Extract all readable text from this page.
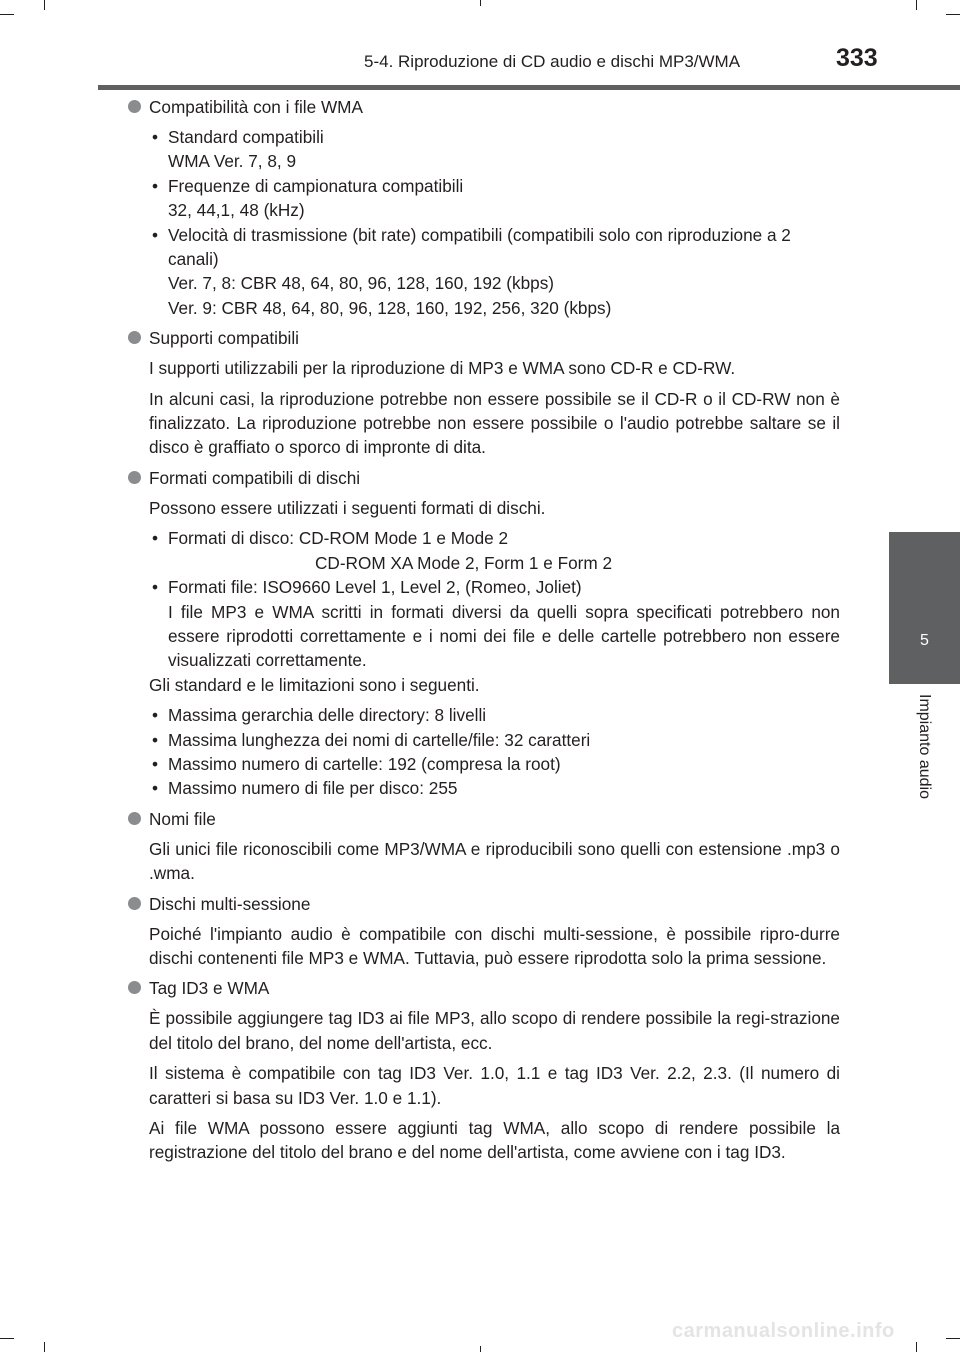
5-4. Riproduzione di CD audio e dischi MP3/WMA	333
5
Impianto audio
Compatibilità con i file WMA
• Standard compatibili
WMA Ver. 7, 8, 9
• Frequenze di campionatura compatibili
32, 44,1, 48 (kHz)
• Velocità di trasmissione (bit rate) compatibili (compatibili solo con riproduzione a 2 canali)
Ver. 7, 8: CBR 48, 64, 80, 96, 128, 160, 192 (kbps)
Ver. 9: CBR 48, 64, 80, 96, 128, 160, 192, 256, 320 (kbps)
Supporti compatibili

I supporti utilizzabili per la riproduzione di MP3 e WMA sono CD-R e CD-RW.

In alcuni casi, la riproduzione potrebbe non essere possibile se il CD-R o il CD-RW non è finalizzato. La riproduzione potrebbe non essere possibile o l'audio potrebbe saltare se il disco è graffiato o sporco di impronte di dita.

Formati compatibili di dischi

Possono essere utilizzati i seguenti formati di dischi.

• Formati di disco: CD-ROM Mode 1 e Mode 2
CD-ROM XA Mode 2, Form 1 e Form 2
• Formati file: ISO9660 Level 1, Level 2, (Romeo, Joliet)
I file MP3 e WMA scritti in formati diversi da quelli sopra specificati potrebbero non essere riprodotti correttamente e i nomi dei file e delle cartelle potrebbero non essere visualizzati correttamente.
Gli standard e le limitazioni sono i seguenti.
• Massima gerarchia delle directory: 8 livelli
• Massima lunghezza dei nomi di cartelle/file: 32 caratteri
• Massimo numero di cartelle: 192 (compresa la root)
• Massimo numero di file per disco: 255
Nomi file

Gli unici file riconoscibili come MP3/WMA e riproducibili sono quelli con estensione .mp3 o .wma.

Dischi multi-sessione

Poiché l'impianto audio è compatibile con dischi multi-sessione, è possibile ripro-durre dischi contenenti file MP3 e WMA. Tuttavia, può essere riprodotta solo la prima sessione.

Tag ID3 e WMA

È possibile aggiungere tag ID3 ai file MP3, allo scopo di rendere possibile la regi-strazione del titolo del brano, del nome dell'artista, ecc.

Il sistema è compatibile con tag ID3 Ver. 1.0, 1.1 e tag ID3 Ver. 2.2, 2.3. (Il numero di caratteri si basa su ID3 Ver. 1.0 e 1.1).

Ai file WMA possono essere aggiunti tag WMA, allo scopo di rendere possibile la registrazione del titolo del brano e del nome dell'artista, come avviene con i tag ID3.

carmanualsonline.info
